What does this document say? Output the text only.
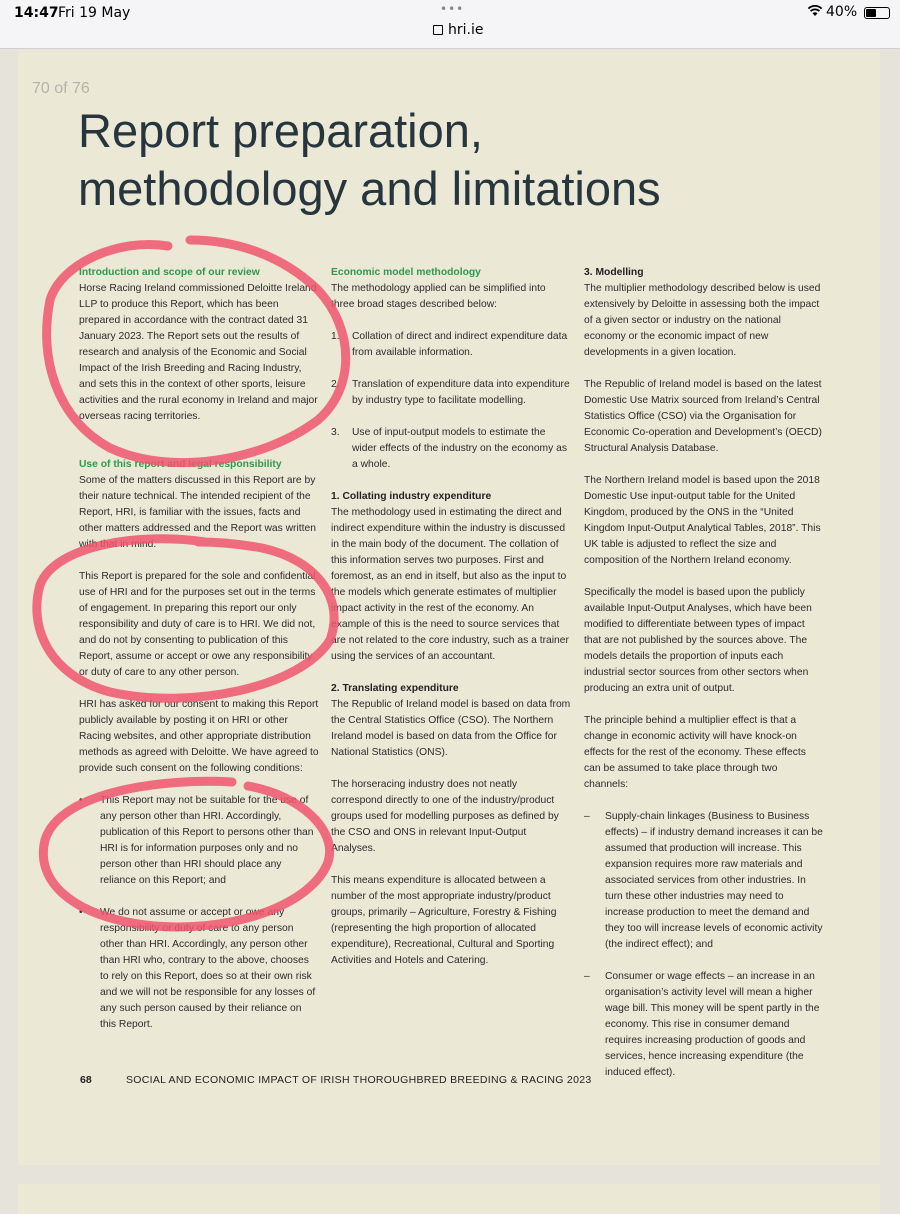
14:47 Fri 19 May	•••
hri.ie
40%
70 of 76
Report preparation,
methodology and limitations

Introduction and scope of our review

Horse Racing Ireland commissioned Deloitte Ireland LLP to produce this Report, which has been prepared in accordance with the contract dated 31 January 2023. The Report sets out the results of research and analysis of the Economic and Social Impact of the Irish Breeding and Racing Industry, and sets this in the context of other sports, leisure activities and the rural economy in Ireland and major overseas racing territories.

Use of this report and legal responsibility

Some of the matters discussed in this Report are by their nature technical. The intended recipient of the Report, HRI, is familiar with the issues, facts and other matters addressed and the Report was written with that in mind.

This Report is prepared for the sole and confidential use of HRI and for the purposes set out in the terms of engagement. In preparing this report our only responsibility and duty of care is to HRI. We did not, and do not by consenting to publication of this Report, assume or accept or owe any responsibility or duty of care to any other person.

HRI has asked for our consent to making this Report publicly available by posting it on HRI or other Racing websites, and other appropriate distribution methods as agreed with Deloitte. We have agreed to provide such consent on the following conditions:

• This Report may not be suitable for the use of any person other than HRI. Accordingly, publication of this Report to persons other than HRI is for information purposes only and no person other than HRI should place any reliance on this Report; and

• We do not assume or accept or owe any responsibility or duty of care to any person other than HRI. Accordingly, any person other than HRI who, contrary to the above, chooses to rely on this Report, does so at their own risk and we will not be responsible for any losses of any such person caused by their reliance on this Report.

Economic model methodology

The methodology applied can be simplified into three broad stages described below:

1. Collation of direct and indirect expenditure data from available information.

2. Translation of expenditure data into expenditure by industry type to facilitate modelling.

3. Use of input-output models to estimate the wider effects of the industry on the economy as a whole.

1. Collating industry expenditure

The methodology used in estimating the direct and indirect expenditure within the industry is discussed in the main body of the document. The collation of this information serves two purposes. First and foremost, as an end in itself, but also as the input to the models which generate estimates of multiplier impact activity in the rest of the economy. An example of this is the need to source services that are not related to the core industry, such as a trainer using the services of an accountant.

2. Translating expenditure

The Republic of Ireland model is based on data from the Central Statistics Office (CSO). The Northern Ireland model is based on data from the Office for National Statistics (ONS).

The horseracing industry does not neatly correspond directly to one of the industry/product groups used for modelling purposes as defined by the CSO and ONS in relevant Input-Output Analyses.

This means expenditure is allocated between a number of the most appropriate industry/product groups, primarily – Agriculture, Forestry & Fishing (representing the high proportion of allocated expenditure), Recreational, Cultural and Sporting Activities and Hotels and Catering.

3. Modelling

The multiplier methodology described below is used extensively by Deloitte in assessing both the impact of a given sector or industry on the national economy or the economic impact of new developments in a given location.

The Republic of Ireland model is based on the latest Domestic Use Matrix sourced from Ireland’s Central Statistics Office (CSO) via the Organisation for Economic Co-operation and Development’s (OECD) Structural Analysis Database.

The Northern Ireland model is based upon the 2018 Domestic Use input-output table for the United Kingdom, produced by the ONS in the “United Kingdom Input-Output Analytical Tables, 2018”. This UK table is adjusted to reflect the size and composition of the Northern Ireland economy.

Specifically the model is based upon the publicly available Input-Output Analyses, which have been modified to differentiate between types of impact that are not published by the sources above. The models details the proportion of inputs each industrial sector sources from other sectors when producing an extra unit of output.

The principle behind a multiplier effect is that a change in economic activity will have knock-on effects for the rest of the economy. These effects can be assumed to take place through two channels:

– Supply-chain linkages (Business to Business effects) – if industry demand increases it can be assumed that production will increase. This expansion requires more raw materials and associated services from other industries. In turn these other industries may need to increase production to meet the demand and they too will increase levels of economic activity (the indirect effect); and

– Consumer or wage effects – an increase in an organisation’s activity level will mean a higher wage bill. This money will be spent partly in the economy. This rise in consumer demand requires increasing production of goods and services, hence increasing expenditure (the induced effect).

68	SOCIAL AND ECONOMIC IMPACT OF IRISH THOROUGHBRED BREEDING & RACING 2023
